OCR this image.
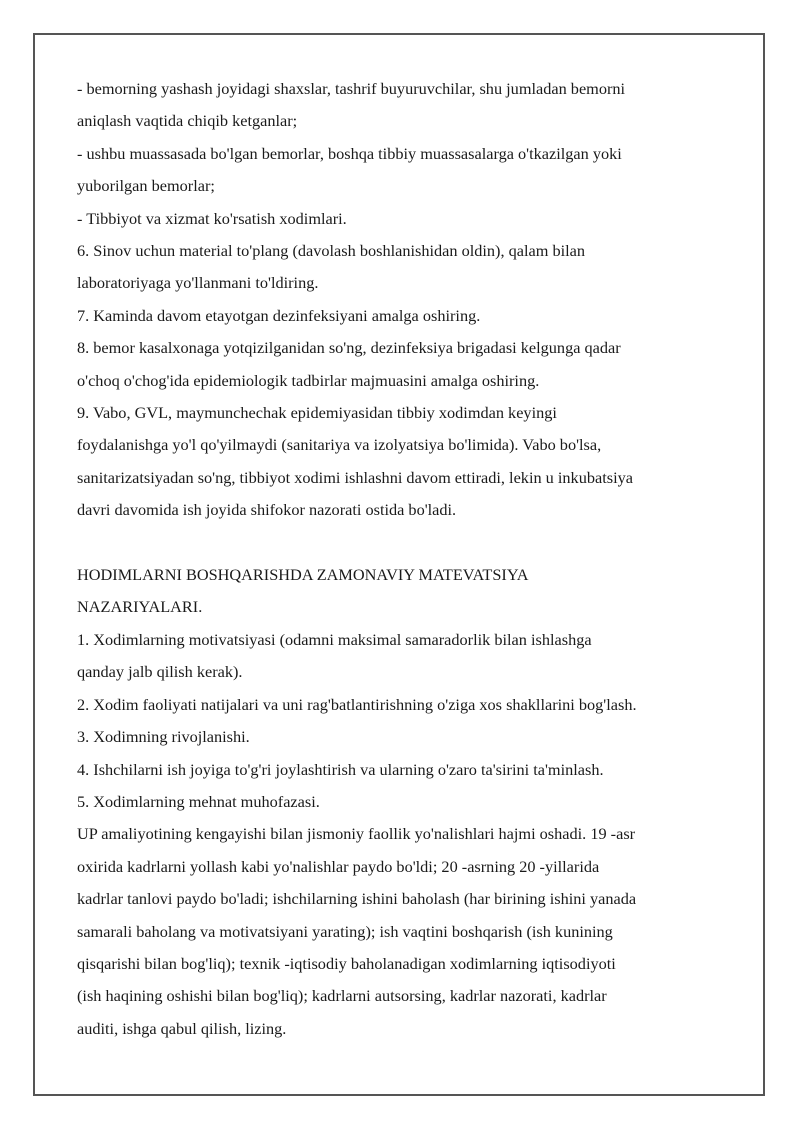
- bemorning yashash joyidagi shaxslar, tashrif buyuruvchilar, shu jumladan bemorni
aniqlash vaqtida chiqib ketganlar;
- ushbu muassasada bo'lgan bemorlar, boshqa tibbiy muassasalarga o'tkazilgan yoki
yuborilgan bemorlar;
- Tibbiyot va xizmat ko'rsatish xodimlari.
6. Sinov uchun material to'plang (davolash boshlanishidan oldin), qalam bilan
laboratoriyaga yo'llanmani to'ldiring.
7. Kaminda davom etayotgan dezinfeksiyani amalga oshiring.
8. bemor kasalxonaga yotqizilganidan so'ng, dezinfeksiya brigadasi kelgunga qadar
o'choq o'chog'ida epidemiologik tadbirlar majmuasini amalga oshiring.
9. Vabo, GVL, maymunchechak epidemiyasidan tibbiy xodimdan keyingi
foydalanishga yo'l qo'yilmaydi (sanitariya va izolyatsiya bo'limida). Vabo bo'lsa,
sanitarizatsiyadan so'ng, tibbiyot xodimi ishlashni davom ettiradi, lekin u inkubatsiya
davri davomida ish joyida shifokor nazorati ostida bo'ladi.
HODIMLARNI BOSHQARISHDA ZAMONAVIY MATEVATSIYA
NAZARIYALARI.
1. Xodimlarning motivatsiyasi (odamni maksimal samaradorlik bilan ishlashga
qanday jalb qilish kerak).
2. Xodim faoliyati natijalari va uni rag'batlantirishning o'ziga xos shakllarini bog'lash.
3. Xodimning rivojlanishi.
4. Ishchilarni ish joyiga to'g'ri joylashtirish va ularning o'zaro ta'sirini ta'minlash.
5. Xodimlarning mehnat muhofazasi.
UP amaliyotining kengayishi bilan jismoniy faollik yo'nalishlari hajmi oshadi. 19 -asr
oxirida kadrlarni yollash kabi yo'nalishlar paydo bo'ldi; 20 -asrning 20 -yillarida
kadrlar tanlovi paydo bo'ladi; ishchilarning ishini baholash (har birining ishini yanada
samarali baholang va motivatsiyani yarating); ish vaqtini boshqarish (ish kunining
qisqarishi bilan bog'liq); texnik -iqtisodiy baholanadigan xodimlarning iqtisodiyoti
(ish haqining oshishi bilan bog'liq); kadrlarni autsorsing, kadrlar nazorati, kadrlar
auditi, ishga qabul qilish, lizing.
